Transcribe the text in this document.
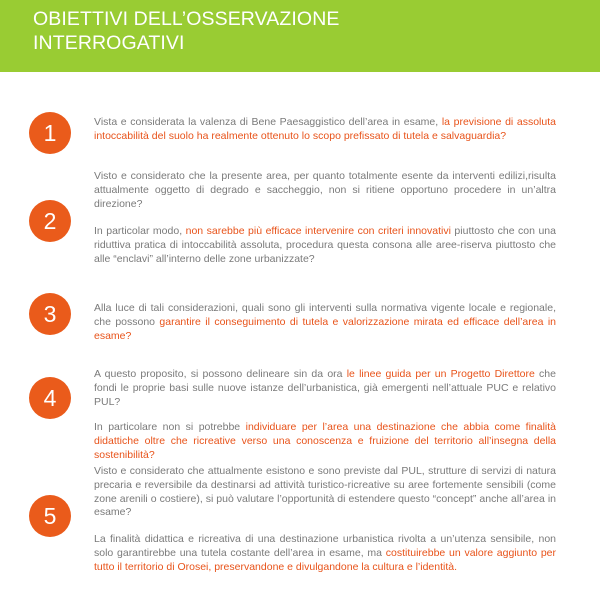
OBIETTIVI DELL’OSSERVAZIONE
INTERROGATIVI
1	Vista e considerata la valenza di Bene Paesaggistico dell’area in esame, la previsione di assoluta intoccabilità del suolo ha realmente ottenuto lo scopo prefissato di tutela e salvaguardia?

2

Visto e considerato che la presente area, per quanto totalmente esente da interventi edilizi,risulta attualmente oggetto di degrado e saccheggio, non si ritiene opportuno procedere in un’altra direzione?

In particolar modo, non sarebbe più efficace intervenire con criteri innovativi piuttosto che con una riduttiva pratica di intoccabilità assoluta, procedura questa consona alle aree-riserva piuttosto che alle “enclavi” all’interno delle zone urbanizzate?

3	Alla luce di tali considerazioni, quali sono gli interventi sulla normativa vigente locale e regionale, che possono garantire il conseguimento di tutela e valorizzazione mirata ed efficace dell’area in esame?

4

A questo proposito, si possono delineare sin da ora le linee guida per un Progetto Direttore che fondi le proprie basi sulle nuove istanze dell’urbanistica, già emergenti nell’attuale PUC e relativo PUL?

In particolare non si potrebbe individuare per l’area una destinazione che abbia come finalità didattiche oltre che ricreative verso una conoscenza e fruizione del territorio all’insegna della sostenibilità?

5

Visto e considerato che attualmente esistono e sono previste dal PUL, strutture di servizi di natura precaria e reversibile da destinarsi ad attività turistico-ricreative su aree fortemente sensibili (come zone arenili o costiere), si può valutare l’opportunità di estendere questo “concept” anche all’area in esame?

La finalità didattica e ricreativa di una destinazione urbanistica rivolta a un’utenza sensibile, non solo garantirebbe una tutela costante dell’area in esame, ma costituirebbe un valore aggiunto per tutto il territorio di Orosei, preservandone e divulgandone la cultura e l’identità.
